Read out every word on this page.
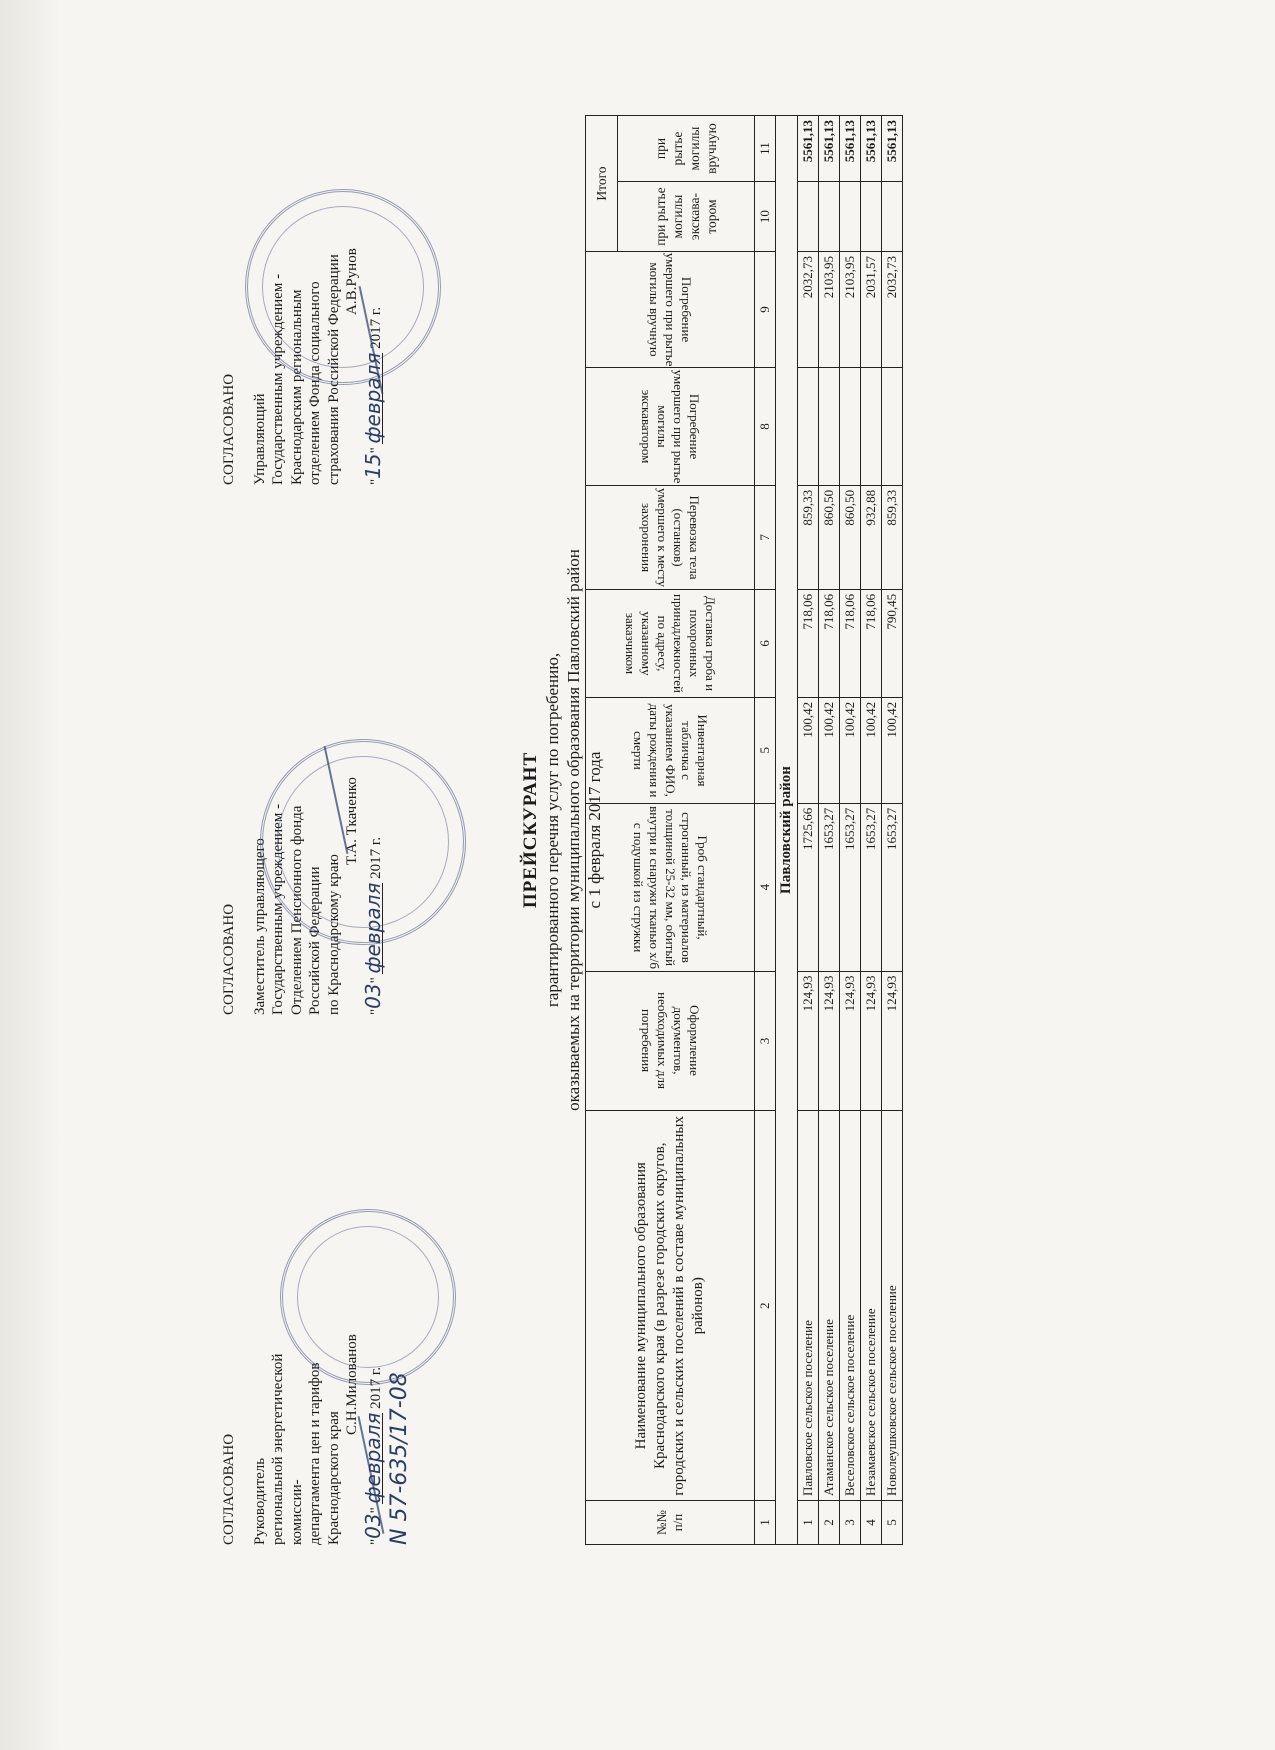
СОГЛАСОВАНО Руководитель региональной энергетической комиссии- департамента цен и тарифов Краснодарского края
С.Н.Милованов
"03" февраля 2017 г. N 57-635/17-08
СОГЛАСОВАНО Заместитель управляющего Государственным учреждением - Отделением Пенсионного фонда Российской Федерации по Краснодарскому краю
Т.А. Ткаченко
"03" февраля 2017 г.
СОГЛАСОВАНО Управляющий Государственным учреждением - Краснодарским региональным отделением Фонда социального страхования Российской Федерации А.В.Рунов
"15" февраля 2017 г.
ПРЕЙСКУРАНТ гарантированного перечня услуг по погребению, оказываемых на территории муниципального образования Павловский район с 1 февраля 2017 года
№№ п/п	Наименование муниципального образования Краснодарского края (в разрезе городских округов, городских и сельских поселений в составе муниципальных районов)	Оформление документов, необходимых для погребения	Гроб стандартный, строганный, из материалов толщиной 25-32 мм, обитый внутри и снаружи тканью х/б с подушкой из стружки	Инвентарная табличка с указанием ФИО, даты рождения и смерти	Доставка гроба и похоронных принадлежностей по адресу, указанному заказчиком	Перевозка тела (останков) умершего к месту захоронения	Погребение умершего при рытье могилы экскаватором	Погребение умершего при рытье могилы вручную	Итого	
									при рытье могилы экскава-тором	при рытье могилы вручную
1	2	3	4	5	6	7	8	9	10	11
Павловский район										
1	Павловское сельское поселение	124,93	1725,66	100,42	718,06	859,33		2032,73		5561,13
2	Атаманское сельское поселение	124,93	1653,27	100,42	718,06	860,50		2103,95		5561,13
3	Веселовское сельское поселение	124,93	1653,27	100,42	718,06	860,50		2103,95		5561,13
4	Незамаевское сельское поселение	124,93	1653,27	100,42	718,06	932,88		2031,57		5561,13
5	Новолеушковское сельское поселение	124,93	1653,27	100,42	790,45	859,33		2032,73		5561,13
